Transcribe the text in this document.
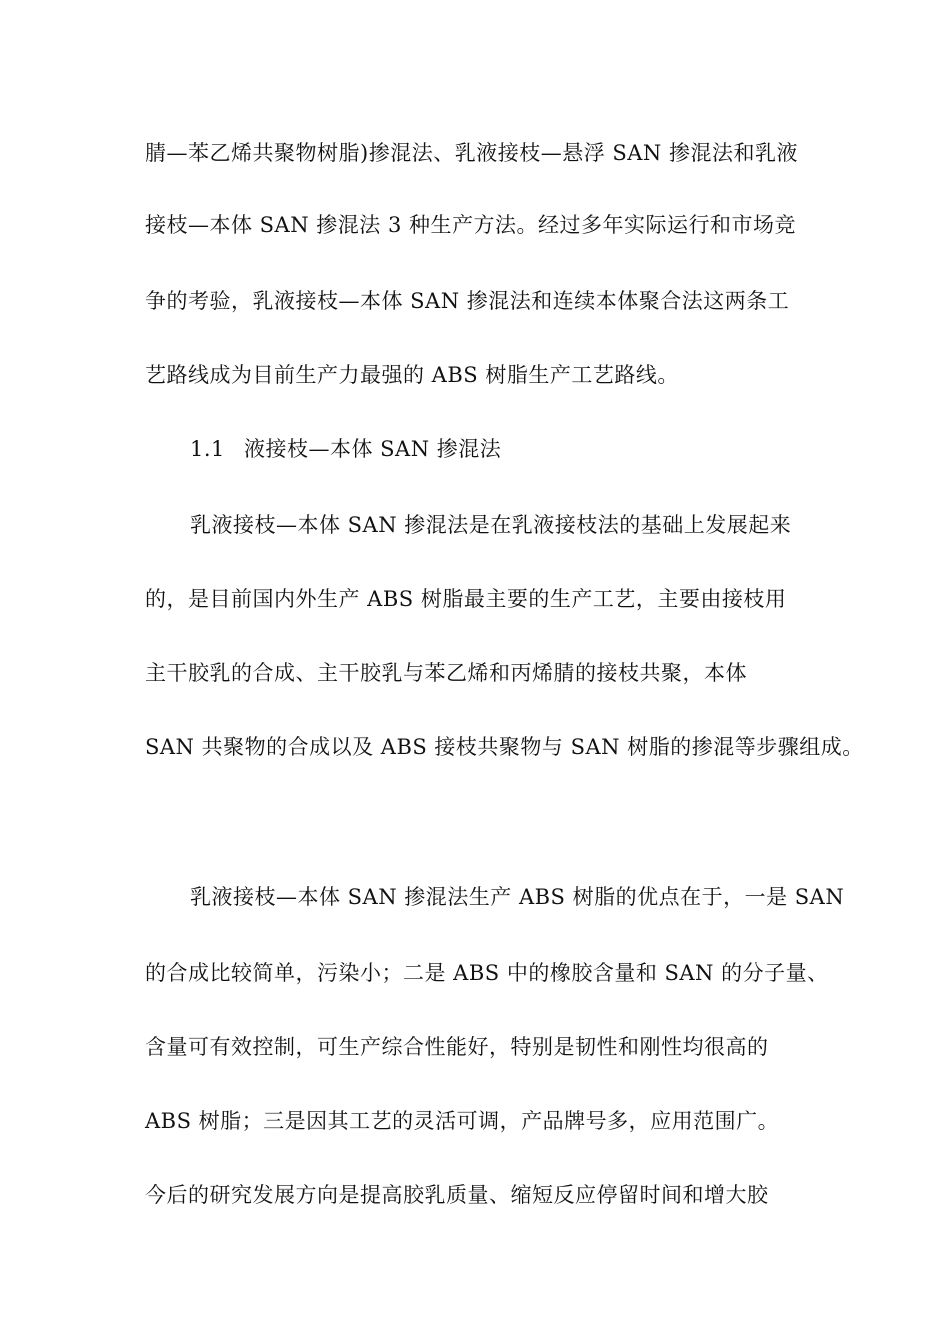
腈—苯乙烯共聚物树脂)掺混法、乳液接枝—悬浮 SAN 掺混法和乳液
接枝—本体 SAN 掺混法 3 种生产方法。经过多年实际运行和市场竞
争的考验，乳液接枝—本体 SAN 掺混法和连续本体聚合法这两条工
艺路线成为目前生产力最强的 ABS 树脂生产工艺路线。
1.1 液接枝—本体 SAN 掺混法
乳液接枝—本体 SAN 掺混法是在乳液接枝法的基础上发展起来
的，是目前国内外生产 ABS 树脂最主要的生产工艺，主要由接枝用
主干胶乳的合成、主干胶乳与苯乙烯和丙烯腈的接枝共聚，本体
SAN 共聚物的合成以及 ABS 接枝共聚物与 SAN 树脂的掺混等步骤组成。
乳液接枝—本体 SAN 掺混法生产 ABS 树脂的优点在于，一是 SAN
的合成比较简单，污染小；二是 ABS 中的橡胶含量和 SAN 的分子量、
含量可有效控制，可生产综合性能好，特别是韧性和刚性均很高的
ABS 树脂；三是因其工艺的灵活可调，产品牌号多，应用范围广。
今后的研究发展方向是提高胶乳质量、缩短反应停留时间和增大胶
